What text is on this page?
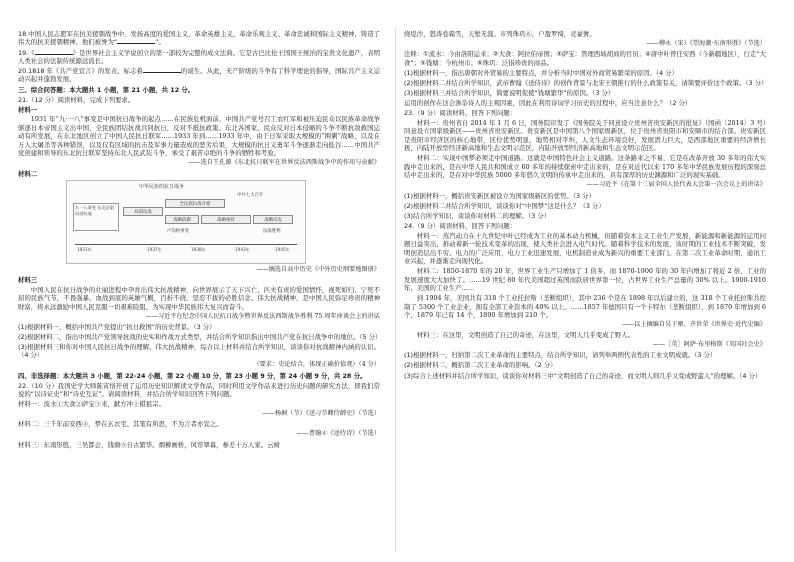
18.中国人民志愿军在抗美援朝战争中，发扬高度的爱国主义、革命英雄主义、革命乐观主义、革命忠诚和国际主义精神，铸造了伟大的抗美援朝精神。他们被誉为“	”。

19.《	》是世界社会主义学说创立的第一部较为完整的成文法典。它是古巴比伦王国国王统治的宝贵文化遗产，表明人类社会的法制传统源远流长。

20.1818 年《共产党宣言》的发表，标志着	的诞生。从此，无产阶级的斗争有了科学理论的指导，国际共产主义运动兴起并蓬勃发展。

三、综合问答题：本大题共 1 小题，第 21 小题，共 12 分。

21.（12 分）阅读材料，完成下列要求。

材料一

1931 年“九·一八”事变是中国抗日战争的起点……在民族危机面前，中国共产党号召工农红军和被压迫民众以民族革命战争驱逐日本帝国主义出中国，全民族团结抗战共同抗日，反对不抵抗政策。东北各国家、民众反对日本侵略的斗争不断抗敌救国运动有所发展，在东北地区创立了中国人民抗日联军……1933 年到……1933 年中，由于日军采取大规模的“围剿”战略，以及在万人大屠杀等各种错误，以及仅有区域的抗击及军事力量造成的恶劣后果，大规模的抗日义勇军斗争逐渐走向低谷……中国共产党创建和领导的东北抗日联军坚持东北人民武装斗争，承受了艰苦卓绝的斗争的牺牲和考验。

——选自王孔源《东北抗日联军在世界反法西斯战争中的作用与贡献》

材料二

中华民族的抗日战争
九一八事变 东北沦陷 局部抗战	局部抗战
全民族抗战开始
战略防御	战略相持	战略反攻
卢沟桥事变
中共七大召开
抗战胜利
1931年	1937年	1938年	1943年	1945年

——摘选自高中历史《中外历史纲要地图册》

材料三

中国人民在抗日战争的壮丽进程中孕育出伟大抗战精神，向世界展示了天下兴亡、匹夫有责的爱国情怀，视死如归、宁死不屈的民族气节，不畏强暴、血战到底的英雄气概，百折不挠、坚忍不拔的必胜信念。伟大抗战精神，是中国人民弥足珍贵的精神财富，将永远激励中国人民克服一切艰难险阻、为实现中华民族伟大复兴而奋斗。

——习近平在纪念中国人民抗日战争暨世界反法西斯战争胜利 75 周年座谈会上的讲话

(1)根据材料一，概括中国共产党提出“抗日救国”的历史背景。（3 分）

(2)根据材料二，指出中国共产党领导抗战的史实和作战方式类型，并结合所学知识指出中国共产党在抗日战争中的地位。（5 分）

(3)根据材料三和你对中国人民抗日战争的理解、伟大抗战精神，综合以上材料并结合所学知识，谈谈你对抗战精神内涵的认识。（4 分）

（要求：史论结合，体现正确价值观）（4 分）

四、非选择题：本大题共 3 小题，第 22-24 小题，第 22 小题 10 分，第 23 小题 9 分，第 24 小题 9 分，共 28 分。

22.（10 分）我国史学大师陈寅恪开创了运用历史知识解读文学作品，同时利用文学作品来进行历史问题的研究方法，即我们常说的“以诗证史”和“诗史互证”。请阅读材料，并结合所学知识回答下列问题。

材料一：流水①大食②萨宝③来，献方冲上棋祖宗。

——杨炯（节）《送刁节卿侍御史》（节选）

材料二：三千年前安西④，梦在玄衣宅。其笔有所思，不为言者亦宣之。

——曹翰④《送侍诗》（节选）

材料三：东南形胜，三吴都会，钱塘⑤自古繁华。烟柳画桥，风帘翠幕，参差十万人家。云树

绕堤沙，怒涛卷霜雪，天堑无涯。市列珠玑⑥，户盈罗绮，竞豪奢。

——柳永（宋）《望海潮·东南形胜》（节选）

注释：①流水：今由洛阳运来；②大食：阿拉伯帝国；③萨宝：管理西域胡商的官员；④唐中叶曾任安西（今新疆地区），行走“大食”；⑤钱塘：今杭州市；⑥珠玑：泛指珍贵的商品。

(1)根据材料一，指出唐朝对外贸易的主要特点，并分析当时中国对外商贸易繁荣的原因。（4 分）

(2)根据材料二并结合所学知识，武帝曹翰《送侍诗》的创作背景与北宋王朝推行的什么政策有关，请简要评价这个政策。（3 分）

(3)根据材料三并结合所学知识，简要说明促使“钱塘繁华”的原因。（3 分）

运用的创作在这会渗杂诗人的主观因素，因此在利用诗词学习历史的过程中，应当注意什么？（2 分）

23.（9 分）阅读材料，回答下列问题：

材料一：贵州省自 2014 年 1 月 6 日，国务院印发了《国务院关于同意设立贵州省贵安新区的批复》（国函〔2014〕3 号）同意设立国家级新区——贵州省贵安新区。贵安新区是中国第八个国家级新区，位于贵州省贵阳市和安顺市的结合部。贵安新区是贵阳市经济区的核心地带，区位优势明显，地势相对平坦，人文生态环境良好，发展潜力巨大，是西部地区重要的经济增长极，内陆开放型经济新高地和生态文明示范区，内陆开放型经济新高地和生态文明示范区。

材料二：实现中国梦必须走中国道路。这就是中国特色社会主义道路。这条路来之不易，它是在改革开放 30 多年的伟大实践中走出来的，是在中华人民共和国成立 60 多年的持续探索中走出来的，是在对近代以来 170 多年中华民族发展历程的深刻总结中走出来的，是在对中华民族 5000 多年悠久文明的传承中走出来的，具有深厚的历史渊源和广泛的现实基础。

——习近平《在第十二届全国人民代表大会第一次会议上的讲话》

(1)根据材料一，概括贵安新区被设立为国家级新区的优势。（3 分）

(2)根据材料二并结合所学知识，谈谈你对“中国梦”这是什么？（3 分）

(3)结合所学知识，谈谈你对材料二的理解。（3 分）

24.（9 分）阅读材料，回答下列问题：

材料一：蒸汽动力在十九世纪中叶已经成为工业的基本动力机械，但随着资本主义工业生产发展，新能源和新能源的运用问题日益突出，推动着新一轮技术变革的出现，使人类社会进入电气时代。随着科学技术的发展，该时期的工业技术不断突破，发明创造层出不穷。电力的广泛应用，电力工业迅速发展，电机制造业成为新兴的重要工业部门。在第二次工业革命时期，通讯工业兴起，并逐渐走向现代化。

材料二：1850-1870 年的 20 年，世界工业生产只增加了 1 倍多，而 1870-1900 年的 30 年内增加了将近 2 倍，工业的发展速度大大加快了。……19 世纪 80 年代美国超过英国而跃居世界第一位，占世界工业生产总量的 30% 以上。1900-1910 年，美国的工业生产……

到 1904 年，美国共有 318 个工业托拉斯（垄断组织），其中 236 个是在 1898 年以后建立的，这 318 个工业托拉斯共控制了 5300 个工业企业，拥有全部工业资本的 40% 以上。……1857 年德国只有一个卡特尔（垄断组织），到 1870 年增加到 6 个，1879 年已有 14 个，1890 年增加到 210 个。

——以上摘编自吴于廑、齐世荣《世界史·近代史编》

材料三：在这里，文明创造了自己的奇迹，在这里，文明人几乎变成了野人。

——［英］阿萨·布里格斯《英国社会史》

(1)根据材料一，归纳第二次工业革命的主要特点，结合所学知识，请列举两例代表性的工业文明成就。（3 分）

(2)根据材料二，概括第二次工业革命的影响。（2 分）

(3)综合上述材料并结合所学知识，谈谈你对材料三中“文明创造了自己的奇迹，而文明人则几乎又变成野蛮人”的理解。（4 分）
